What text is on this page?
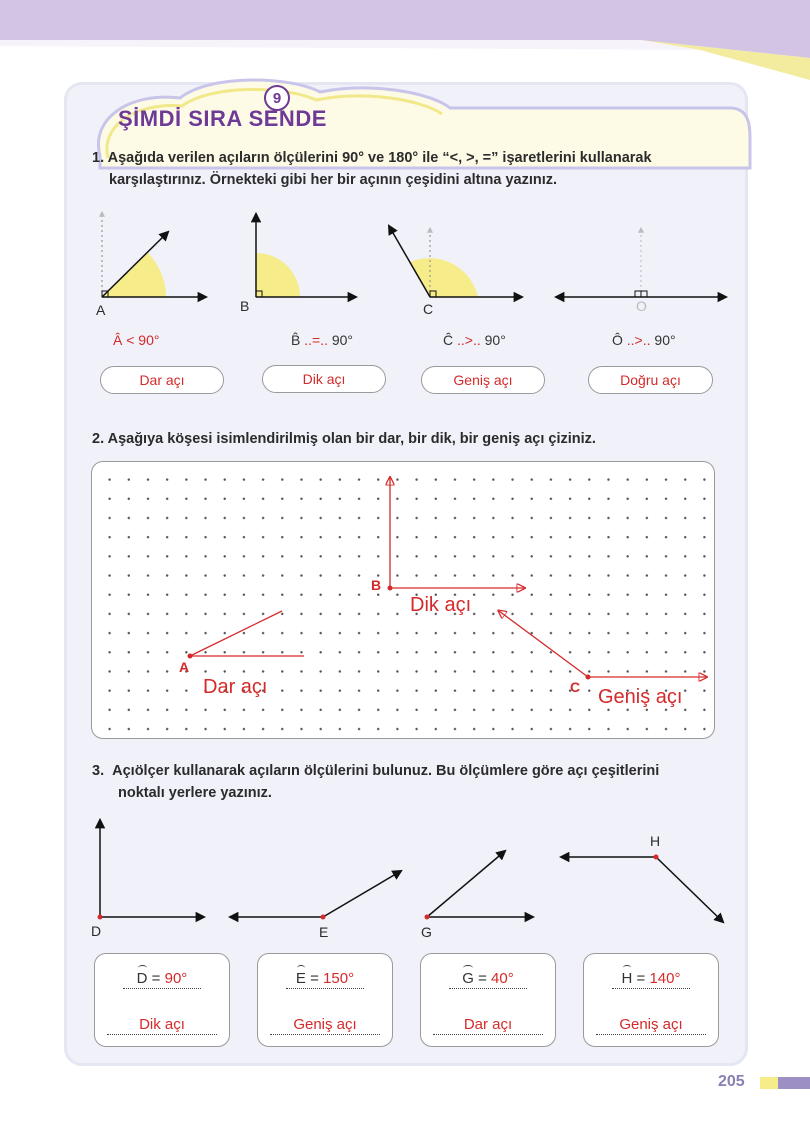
9
ŞİMDİ SIRA SENDE
1. Aşağıda verilen açıların ölçülerini 90° ve 180° ile “<, >, =” işaretlerini kullanarak
karşılaştırınız. Örnekteki gibi her bir açının çeşidini altına yazınız.
A	B	C	O
Â < 90°	B̂ ..=.. 90°	Ĉ ..>.. 90°	Ô ..>.. 90°
Dar açı	Dik açı	Geniş açı	Doğru açı
2. Aşağıya köşesi isimlendirilmiş olan bir dar, bir dik, bir geniş açı çiziniz.
A
B
C
Dar açı
Dik açı
Geniş açı
3. Açıölçer kullanarak açıların ölçülerini bulunuz. Bu ölçümlere göre açı çeşitlerini
noktalı yerlere yazınız.
D	E	G
H
D = 90°
Dik açı
E = 150°
Geniş açı
G = 40°
Dar açı
H = 140°
Geniş açı
205
